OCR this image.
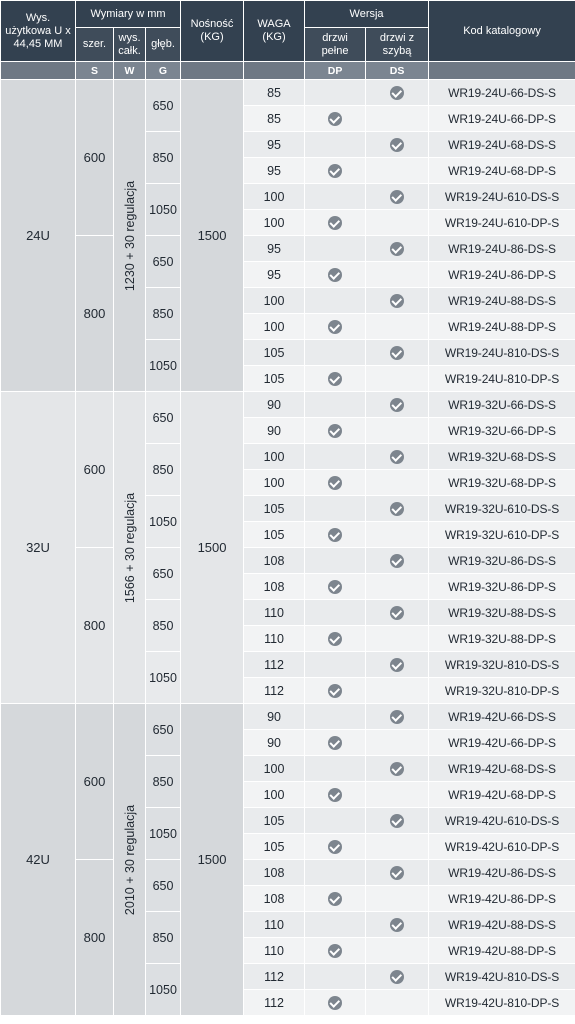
Wys. użytkowa U x 44,45 MM	Wymiary w mm			Nośność (KG)	WAGA (KG)	Wersja		Kod katalogowy
	szer.	wys. całk.	głęb.			drzwi pełne	drzwi z szybą	
	S	W	G			DP	DS	
24U	600	1230 + 30 regulacja	650	1500	85			WR19-24U-66-DS-S
					85			WR19-24U-66-DP-S
			850		95			WR19-24U-68-DS-S
					95			WR19-24U-68-DP-S
			1050		100			WR19-24U-610-DS-S
					100			WR19-24U-610-DP-S
	800		650		95			WR19-24U-86-DS-S
					95			WR19-24U-86-DP-S
			850		100			WR19-24U-88-DS-S
					100			WR19-24U-88-DP-S
			1050		105			WR19-24U-810-DS-S
					105			WR19-24U-810-DP-S
32U	600	1566 + 30 regulacja	650	1500	90			WR19-32U-66-DS-S
					90			WR19-32U-66-DP-S
			850		100			WR19-32U-68-DS-S
					100			WR19-32U-68-DP-S
			1050		105			WR19-32U-610-DS-S
					105			WR19-32U-610-DP-S
	800		650		108			WR19-32U-86-DS-S
					108			WR19-32U-86-DP-S
			850		110			WR19-32U-88-DS-S
					110			WR19-32U-88-DP-S
			1050		112			WR19-32U-810-DS-S
					112			WR19-32U-810-DP-S
42U	600	2010 + 30 regulacja	650	1500	90			WR19-42U-66-DS-S
					90			WR19-42U-66-DP-S
			850		100			WR19-42U-68-DS-S
					100			WR19-42U-68-DP-S
			1050		105			WR19-42U-610-DS-S
					105			WR19-42U-610-DP-S
	800		650		108			WR19-42U-86-DS-S
					108			WR19-42U-86-DP-S
			850		110			WR19-42U-88-DS-S
					110			WR19-42U-88-DP-S
			1050		112			WR19-42U-810-DS-S
					112			WR19-42U-810-DP-S
